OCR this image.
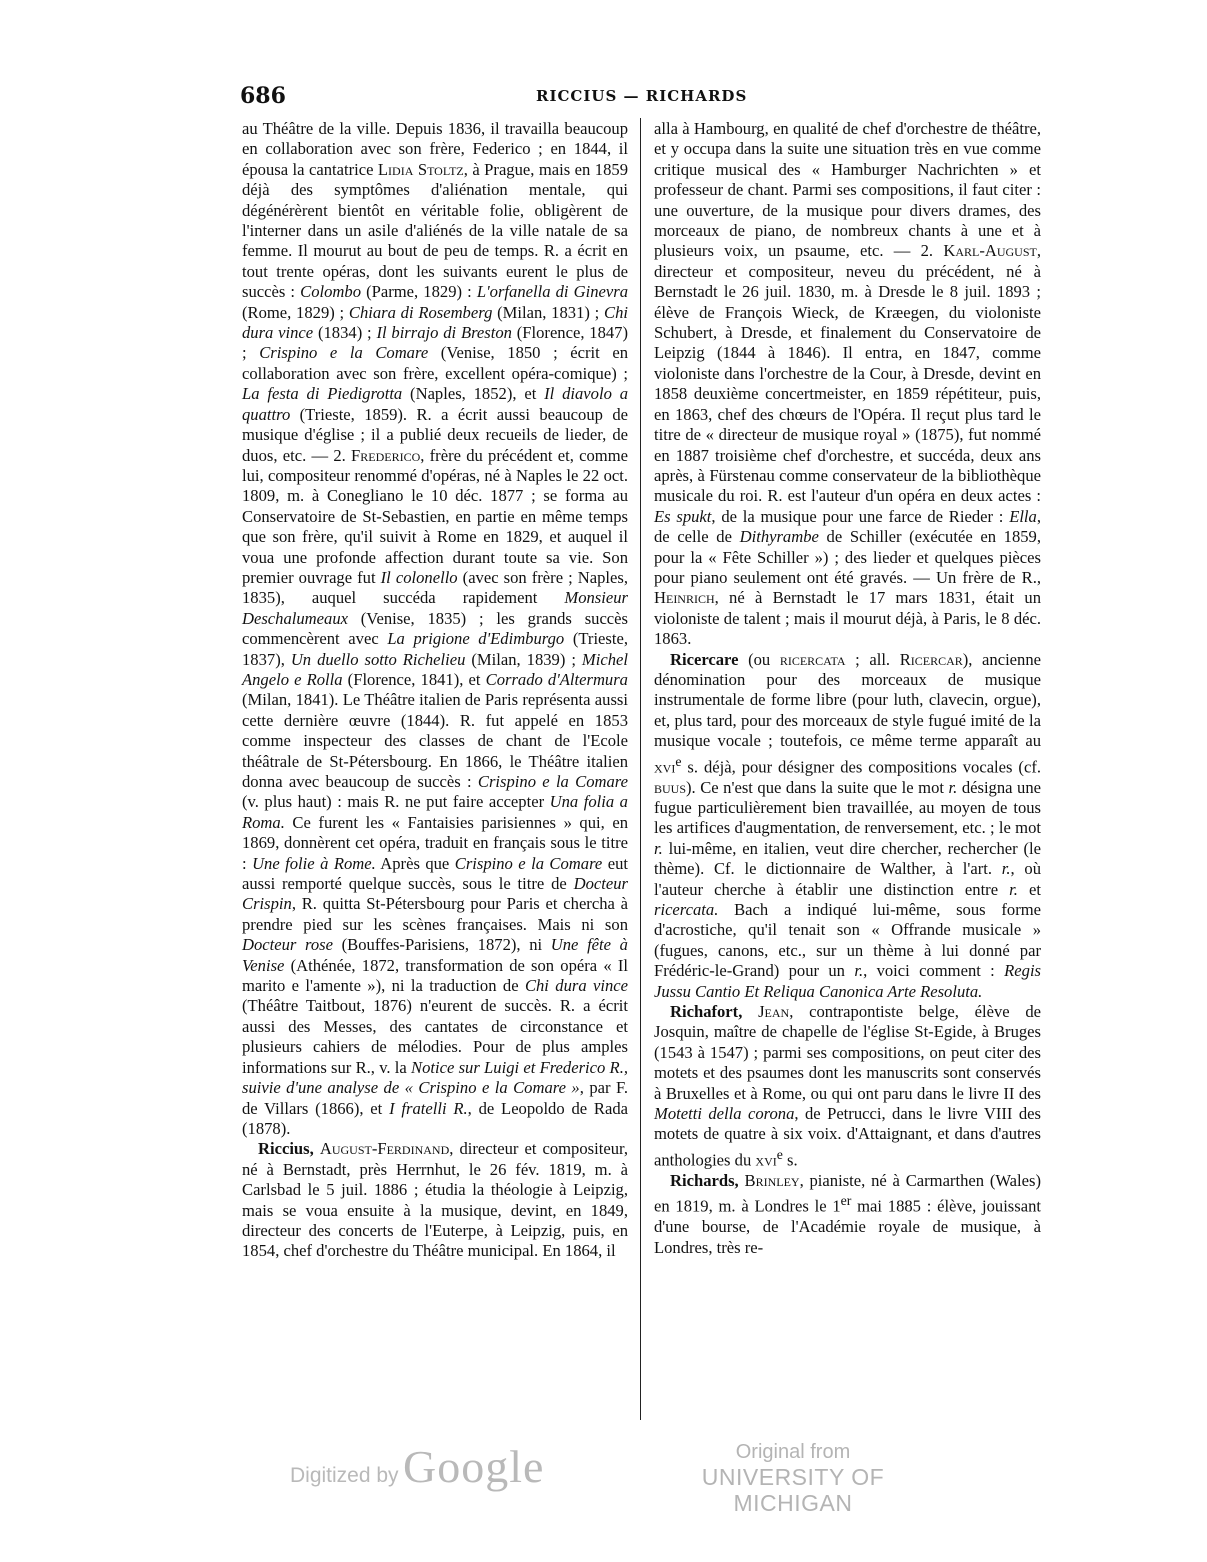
686	RICCIUS — RICHARDS

au Théâtre de la ville. Depuis 1836, il travailla beaucoup en collaboration avec son frère, Federico ; en 1844, il épousa la cantatrice Lidia Stoltz, à Prague, mais en 1859 déjà des symptômes d'aliénation mentale, qui dégénérèrent bientôt en véritable folie, obligèrent de l'interner dans un asile d'aliénés de la ville natale de sa femme. Il mourut au bout de peu de temps. R. a écrit en tout trente opéras, dont les suivants eurent le plus de succès : Colombo (Parme, 1829) : L'orfanella di Ginevra (Rome, 1829) ; Chiara di Rosemberg (Milan, 1831) ; Chi dura vince (1834) ; Il birrajo di Breston (Florence, 1847) ; Crispino e la Comare (Venise, 1850 ; écrit en collaboration avec son frère, excellent opéra-comique) ; La festa di Piedigrotta (Naples, 1852), et Il diavolo a quattro (Trieste, 1859). R. a écrit aussi beaucoup de musique d'église ; il a publié deux recueils de lieder, de duos, etc. — 2. Frederico, frère du précédent et, comme lui, compositeur renommé d'opéras, né à Naples le 22 oct. 1809, m. à Conegliano le 10 déc. 1877 ; se forma au Conservatoire de St-Sebastien, en partie en même temps que son frère, qu'il suivit à Rome en 1829, et auquel il voua une profonde affection durant toute sa vie. Son premier ouvrage fut Il colonello (avec son frère ; Naples, 1835), auquel succéda rapidement Monsieur Deschalumeaux (Venise, 1835) ; les grands succès commencèrent avec La prigione d'Edimburgo (Trieste, 1837), Un duello sotto Richelieu (Milan, 1839) ; Michel Angelo e Rolla (Florence, 1841), et Corrado d'Altermura (Milan, 1841). Le Théâtre italien de Paris représenta aussi cette dernière œuvre (1844). R. fut appelé en 1853 comme inspecteur des classes de chant de l'Ecole théâtrale de St-Pétersbourg. En 1866, le Théâtre italien donna avec beaucoup de succès : Crispino e la Comare (v. plus haut) : mais R. ne put faire accepter Una folia a Roma. Ce furent les « Fantaisies parisiennes » qui, en 1869, donnèrent cet opéra, traduit en français sous le titre : Une folie à Rome. Après que Crispino e la Comare eut aussi remporté quelque succès, sous le titre de Docteur Crispin, R. quitta St-Pétersbourg pour Paris et chercha à prendre pied sur les scènes françaises. Mais ni son Docteur rose (Bouffes-Parisiens, 1872), ni Une fête à Venise (Athénée, 1872, transformation de son opéra « Il marito e l'amente »), ni la traduction de Chi dura vince (Théâtre Taitbout, 1876) n'eurent de succès. R. a écrit aussi des Messes, des cantates de circonstance et plusieurs cahiers de mélodies. Pour de plus amples informations sur R., v. la Notice sur Luigi et Frederico R., suivie d'une analyse de « Crispino e la Comare », par F. de Villars (1866), et I fratelli R., de Leopoldo de Rada (1878).

Riccius, August-Ferdinand, directeur et compositeur, né à Bernstadt, près Herrnhut, le 26 fév. 1819, m. à Carlsbad le 5 juil. 1886 ; étudia la théologie à Leipzig, mais se voua ensuite à la musique, devint, en 1849, directeur des concerts de l'Euterpe, à Leipzig, puis, en 1854, chef d'orchestre du Théâtre municipal. En 1864, il

alla à Hambourg, en qualité de chef d'orchestre de théâtre, et y occupa dans la suite une situation très en vue comme critique musical des « Hamburger Nachrichten » et professeur de chant. Parmi ses compositions, il faut citer : une ouverture, de la musique pour divers drames, des morceaux de piano, de nombreux chants à une et à plusieurs voix, un psaume, etc. — 2. Karl-August, directeur et compositeur, neveu du précédent, né à Bernstadt le 26 juil. 1830, m. à Dresde le 8 juil. 1893 ; élève de François Wieck, de Kræegen, du violoniste Schubert, à Dresde, et finalement du Conservatoire de Leipzig (1844 à 1846). Il entra, en 1847, comme violoniste dans l'orchestre de la Cour, à Dresde, devint en 1858 deuxième concertmeister, en 1859 répétiteur, puis, en 1863, chef des chœurs de l'Opéra. Il reçut plus tard le titre de « directeur de musique royal » (1875), fut nommé en 1887 troisième chef d'orchestre, et succéda, deux ans après, à Fürstenau comme conservateur de la bibliothèque musicale du roi. R. est l'auteur d'un opéra en deux actes : Es spukt, de la musique pour une farce de Rieder : Ella, de celle de Dithyrambe de Schiller (exécutée en 1859, pour la « Fête Schiller ») ; des lieder et quelques pièces pour piano seulement ont été gravés. — Un frère de R., Heinrich, né à Bernstadt le 17 mars 1831, était un violoniste de talent ; mais il mourut déjà, à Paris, le 8 déc. 1863.

Ricercare (ou ricercata ; all. Ricercar), ancienne dénomination pour des morceaux de musique instrumentale de forme libre (pour luth, clavecin, orgue), et, plus tard, pour des morceaux de style fugué imité de la musique vocale ; toutefois, ce même terme apparaît au xvi$^e$ s. déjà, pour désigner des compositions vocales (cf. buus). Ce n'est que dans la suite que le mot r. désigna une fugue particulièrement bien travaillée, au moyen de tous les artifices d'augmentation, de renversement, etc. ; le mot r. lui-même, en italien, veut dire chercher, rechercher (le thème). Cf. le dictionnaire de Walther, à l'art. r., où l'auteur cherche à établir une distinction entre r. et ricercata. Bach a indiqué lui-même, sous forme d'acrostiche, qu'il tenait son « Offrande musicale » (fugues, canons, etc., sur un thème à lui donné par Frédéric-le-Grand) pour un r., voici comment : Regis Jussu Cantio Et Reliqua Canonica Arte Resoluta.

Richafort, Jean, contrapontiste belge, élève de Josquin, maître de chapelle de l'église St-Egide, à Bruges (1543 à 1547) ; parmi ses compositions, on peut citer des motets et des psaumes dont les manuscrits sont conservés à Bruxelles et à Rome, ou qui ont paru dans le livre II des Motetti della corona, de Petrucci, dans le livre VIII des motets de quatre à six voix. d'Attaignant, et dans d'autres anthologies du xvi$^e$ s.

Richards, Brinley, pianiste, né à Carmarthen (Wales) en 1819, m. à Londres le 1er mai 1885 : élève, jouissant d'une bourse, de l'Académie royale de musique, à Londres, très re-

Digitized by Google	Original from
UNIVERSITY OF MICHIGAN
